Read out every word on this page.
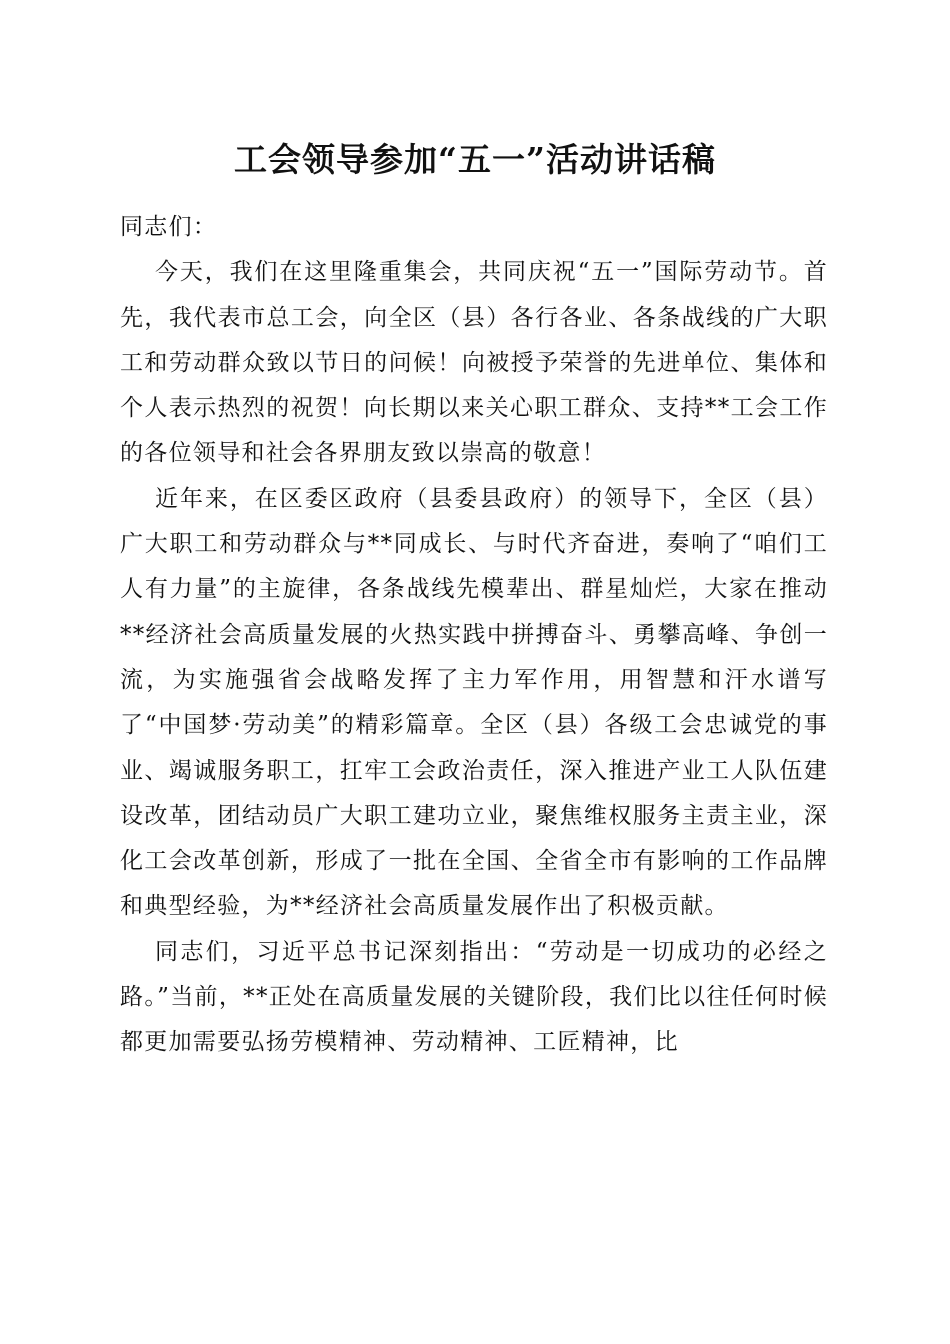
工会领导参加“五一”活动讲话稿

同志们：

今天，我们在这里隆重集会，共同庆祝“五一”国际劳动节。首先，我代表市总工会，向全区（县）各行各业、各条战线的广大职工和劳动群众致以节日的问候！向被授予荣誉的先进单位、集体和个人表示热烈的祝贺！向长期以来关心职工群众、支持**工会工作的各位领导和社会各界朋友致以崇高的敬意！

近年来，在区委区政府（县委县政府）的领导下，全区（县）广大职工和劳动群众与**同成长、与时代齐奋进，奏响了“咱们工人有力量”的主旋律，各条战线先模辈出、群星灿烂，大家在推动**经济社会高质量发展的火热实践中拼搏奋斗、勇攀高峰、争创一流，为实施强省会战略发挥了主力军作用，用智慧和汗水谱写了“中国梦·劳动美”的精彩篇章。全区（县）各级工会忠诚党的事业、竭诚服务职工，扛牢工会政治责任，深入推进产业工人队伍建设改革，团结动员广大职工建功立业，聚焦维权服务主责主业，深化工会改革创新，形成了一批在全国、全省全市有影响的工作品牌和典型经验，为**经济社会高质量发展作出了积极贡献。

同志们，习近平总书记深刻指出：“劳动是一切成功的必经之路。”当前，**正处在高质量发展的关键阶段，我们比以往任何时候都更加需要弘扬劳模精神、劳动精神、工匠精神，比
